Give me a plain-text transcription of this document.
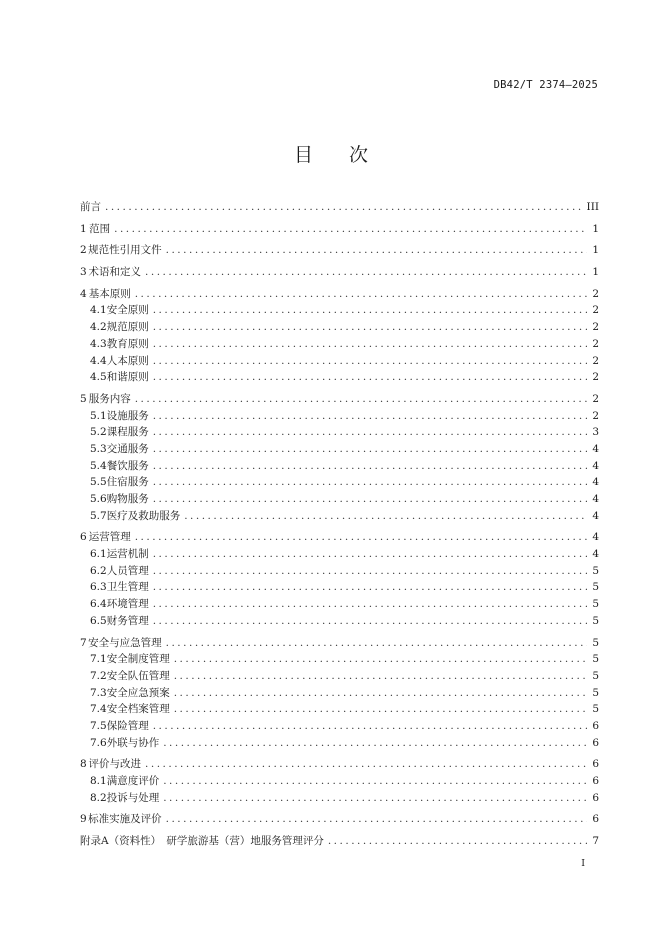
DB42/T 2374—2025
目 次
前言 .....	III
1 范围 .....	1
2 规范性引用文件 .....	1
3 术语和定义 .....	1
4 基本原则 .....	2
4.1 安全原则 .....	2
4.2 规范原则 .....	2
4.3 教育原则 .....	2
4.4 人本原则 .....	2
4.5 和谐原则 .....	2
5 服务内容 .....	2
5.1 设施服务 .....	2
5.2 课程服务 .....	3
5.3 交通服务 .....	4
5.4 餐饮服务 .....	4
5.5 住宿服务 .....	4
5.6 购物服务 .....	4
5.7 医疗及救助服务 .....	4
6 运营管理 .....	4
6.1 运营机制 .....	4
6.2 人员管理 .....	5
6.3 卫生管理 .....	5
6.4 环境管理 .....	5
6.5 财务管理 .....	5
7 安全与应急管理 .....	5
7.1 安全制度管理 .....	5
7.2 安全队伍管理 .....	5
7.3 安全应急预案 .....	5
7.4 安全档案管理 .....	5
7.5 保险管理 .....	6
7.6 外联与协作 .....	6
8 评价与改进 .....	6
8.1 满意度评价 .....	6
8.2 投诉与处理 .....	6
9 标准实施及评价 .....	6
附录A（资料性）　研学旅游基（营）地服务管理评分 .....	7
I
